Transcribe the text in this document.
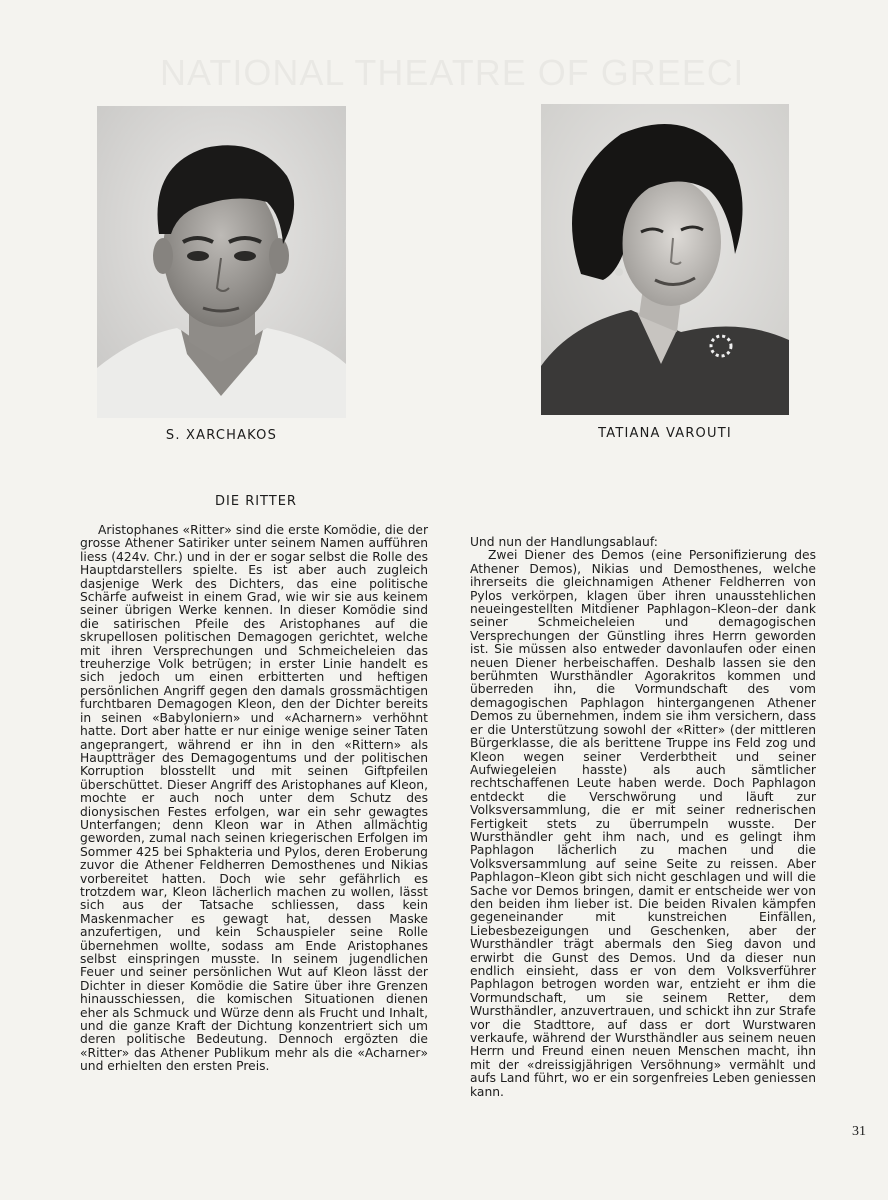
S. XARCHAKOS	TATIANA VAROUTI
DIE RITTER

Aristophanes «Ritter» sind die erste Komödie, die der grosse Athener Satiriker unter seinem Namen aufführen liess (424v. Chr.) und in der er sogar selbst die Rolle des Hauptdarstellers spielte. Es ist aber auch zugleich dasjenige Werk des Dichters, das eine politische Schärfe aufweist in einem Grad, wie wir sie aus keinem seiner übrigen Werke kennen. In dieser Komödie sind die satirischen Pfeile des Aristophanes auf die skrupellosen politischen Demagogen gerichtet, welche mit ihren Versprechungen und Schmeicheleien das treuherzige Volk betrügen; in erster Linie handelt es sich jedoch um einen erbitterten und heftigen persönlichen Angriff gegen den damals grossmächtigen furchtbaren Demagogen Kleon, den der Dichter bereits in seinen «Babyloniern» und «Acharnern» verhöhnt hatte. Dort aber hatte er nur einige wenige seiner Taten angeprangert, während er ihn in den «Rittern» als Hauptträger des Demagogentums und der politischen Korruption blosstellt und mit seinen Giftpfeilen überschüttet. Dieser Angriff des Aristophanes auf Kleon, mochte er auch noch unter dem Schutz des dionysischen Festes erfolgen, war ein sehr gewagtes Unterfangen; denn Kleon war in Athen allmächtig geworden, zumal nach seinen kriegerischen Erfolgen im Sommer 425 bei Sphakteria und Pylos, deren Eroberung zuvor die Athener Feldherren Demosthenes und Nikias vorbereitet hatten. Doch wie sehr gefährlich es trotzdem war, Kleon lächerlich machen zu wollen, lässt sich aus der Tatsache schliessen, dass kein Maskenmacher es gewagt hat, dessen Maske anzufertigen, und kein Schauspieler seine Rolle übernehmen wollte, sodass am Ende Aristophanes selbst einspringen musste. In seinem jugendlichen Feuer und seiner persönlichen Wut auf Kleon lässt der Dichter in dieser Komödie die Satire über ihre Grenzen hinausschiessen, die komischen Situationen dienen eher als Schmuck und Würze denn als Frucht und Inhalt, und die ganze Kraft der Dichtung konzentriert sich um deren politische Bedeutung. Dennoch ergözten die «Ritter» das Athener Publikum mehr als die «Acharner» und erhielten den ersten Preis.

Und nun der Handlungsablauf:

Zwei Diener des Demos (eine Personifizierung des Athener Demos), Nikias und Demosthenes, welche ihrerseits die gleichnamigen Athener Feldherren von Pylos verkörpen, klagen über ihren unausstehlichen neueingestellten Mitdiener Paphlagon–Kleon–der dank seiner Schmeicheleien und demagogischen Versprechungen der Günstling ihres Herrn geworden ist. Sie müssen also entweder davonlaufen oder einen neuen Diener herbeischaffen. Deshalb lassen sie den berühmten Wursthändler Agorakritos kommen und überreden ihn, die Vormundschaft des vom demagogischen Paphlagon hintergangenen Athener Demos zu übernehmen, indem sie ihm versichern, dass er die Unterstützung sowohl der «Ritter» (der mittleren Bürgerklasse, die als berittene Truppe ins Feld zog und Kleon wegen seiner Verderbtheit und seiner Aufwiegeleien hasste) als auch sämtlicher rechtschaffenen Leute haben werde. Doch Paphlagon entdeckt die Verschwörung und läuft zur Volksversammlung, die er mit seiner rednerischen Fertigkeit stets zu überrumpeln wusste. Der Wursthändler geht ihm nach, und es gelingt ihm Paphlagon lächerlich zu machen und die Volksversammlung auf seine Seite zu reissen. Aber Paphlagon–Kleon gibt sich nicht geschlagen und will die Sache vor Demos bringen, damit er entscheide wer von den beiden ihm lieber ist. Die beiden Rivalen kämpfen gegeneinander mit kunstreichen Einfällen, Liebesbezeigungen und Geschenken, aber der Wursthändler trägt abermals den Sieg davon und erwirbt die Gunst des Demos. Und da dieser nun endlich einsieht, dass er von dem Volksverführer Paphlagon betrogen worden war, entzieht er ihm die Vormundschaft, um sie seinem Retter, dem Wursthändler, anzuvertrauen, und schickt ihn zur Strafe vor die Stadttore, auf dass er dort Wurstwaren verkaufe, während der Wursthändler aus seinem neuen Herrn und Freund einen neuen Menschen macht, ihn mit der «dreissigjährigen Versöhnung» vermählt und aufs Land führt, wo er ein sorgenfreies Leben geniessen kann.

31
